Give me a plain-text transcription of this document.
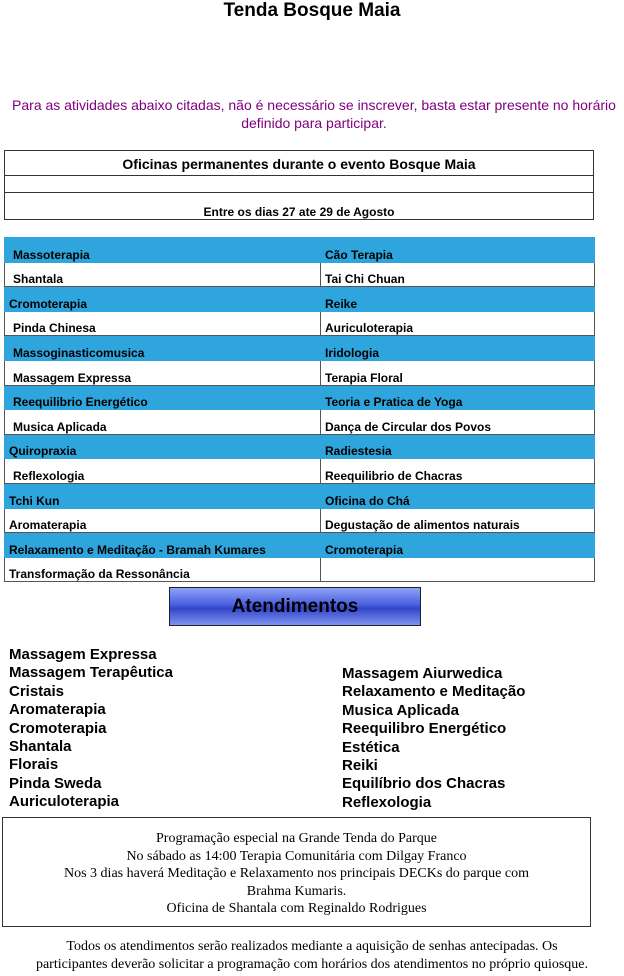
Tenda Bosque Maia
Para as atividades abaixo citadas, não é necessário se inscrever, basta estar presente no horário definido para participar.
Oficinas permanentes durante o evento Bosque Maia
Entre os dias 27 ate 29 de Agosto
Massoterapia	Cão Terapia
Shantala	Tai Chi Chuan
Cromoterapia	Reike
Pinda Chinesa	Auriculoterapia
Massoginasticomusica	Iridologia
Massagem Expressa	Terapia Floral
Reequilibrio Energético	Teoria e Pratica de Yoga
Musica Aplicada	Dança de Circular dos Povos
Quiropraxia	Radiestesia
Reflexologia	Reequilibrio de Chacras
Tchi Kun	Oficina do Chá
Aromaterapia	Degustação de alimentos naturais
Relaxamento e Meditação - Bramah Kumares	Cromoterapia
Transformação da Ressonância	
Atendimentos
Massagem Expressa
Massagem Terapêutica
Cristais
Aromaterapia
Cromoterapia
Shantala
Florais
Pinda Sweda
Auriculoterapia
Massagem Aiurwedica
Relaxamento e Meditação
Musica Aplicada
Reequilibro Energético
Estética
Reiki
Equilíbrio dos Chacras
Reflexologia
Programação especial na Grande Tenda do Parque
No sábado as 14:00 Terapia Comunitária com Dilgay Franco
Nos 3 dias haverá Meditação e Relaxamento nos principais DECKs do parque com
Brahma Kumaris.
Oficina de Shantala com Reginaldo Rodrigues
Todos os atendimentos serão realizados mediante a aquisição de senhas antecipadas. Os
participantes deverão solicitar a programação com horários dos atendimentos no próprio quiosque.
